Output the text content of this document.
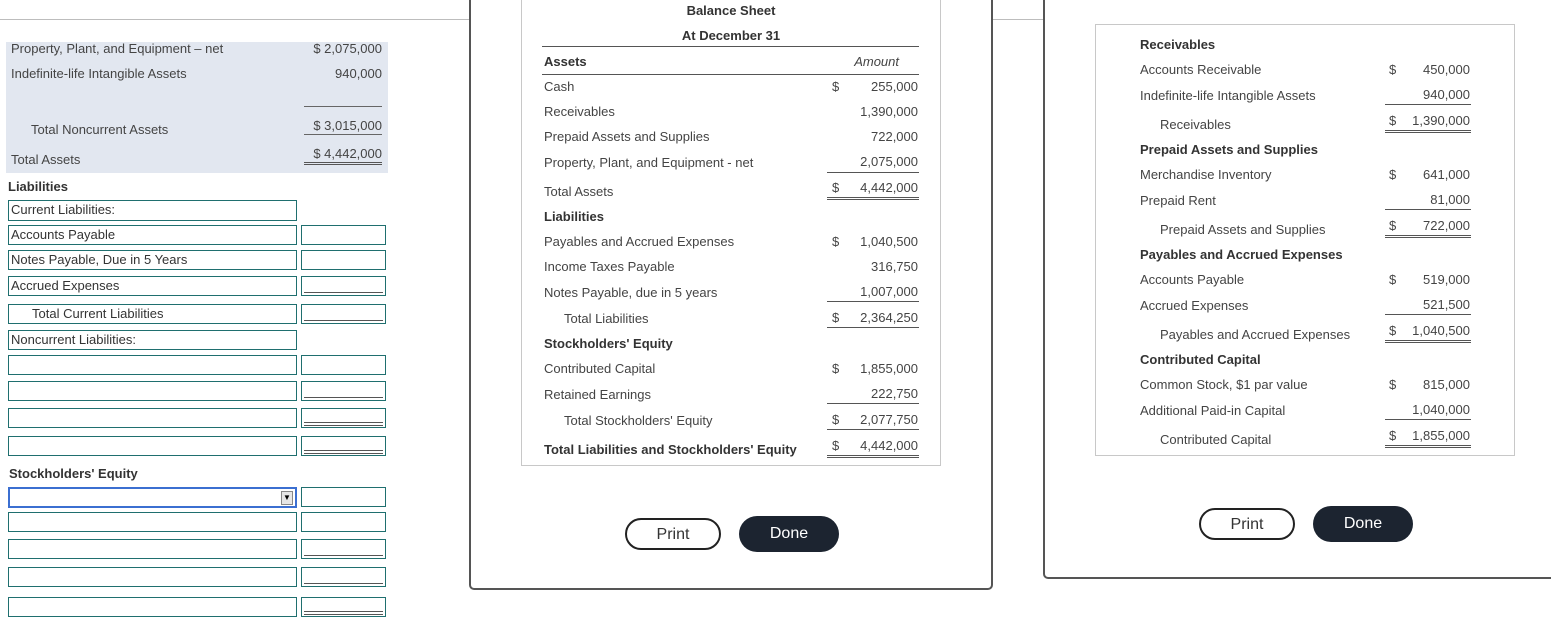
Property, Plant, and Equipment – net	$ 2,075,000
Indefinite-life Intangible Assets	940,000
Total Noncurrent Assets	$ 3,015,000
Total Assets	$ 4,442,000
Liabilities
Current Liabilities:
Accounts Payable
Notes Payable, Due in 5 Years
Accrued Expenses
Total Current Liabilities
Noncurrent Liabilities:
Stockholders' Equity
▼
Balance Sheet
At December 31
Assets	Amount
Cash	$	255,000
Receivables	1,390,000
Prepaid Assets and Supplies	722,000
Property, Plant, and Equipment - net	2,075,000
Total Assets	$	4,442,000
Liabilities
Payables and Accrued Expenses	$	1,040,500
Income Taxes Payable	316,750
Notes Payable, due in 5 years	1,007,000
Total Liabilities	$	2,364,250
Stockholders' Equity
Contributed Capital	$	1,855,000
Retained Earnings	222,750
Total Stockholders' Equity	$	2,077,750
Total Liabilities and Stockholders' Equity	$	4,442,000
Print	Done
Receivables
Accounts Receivable	$	450,000
Indefinite-life Intangible Assets	940,000
Receivables	$	1,390,000
Prepaid Assets and Supplies
Merchandise Inventory	$	641,000
Prepaid Rent	81,000
Prepaid Assets and Supplies	$	722,000
Payables and Accrued Expenses
Accounts Payable	$	519,000
Accrued Expenses	521,500
Payables and Accrued Expenses	$	1,040,500
Contributed Capital
Common Stock, $1 par value	$	815,000
Additional Paid-in Capital	1,040,000
Contributed Capital	$	1,855,000
Print	Done
